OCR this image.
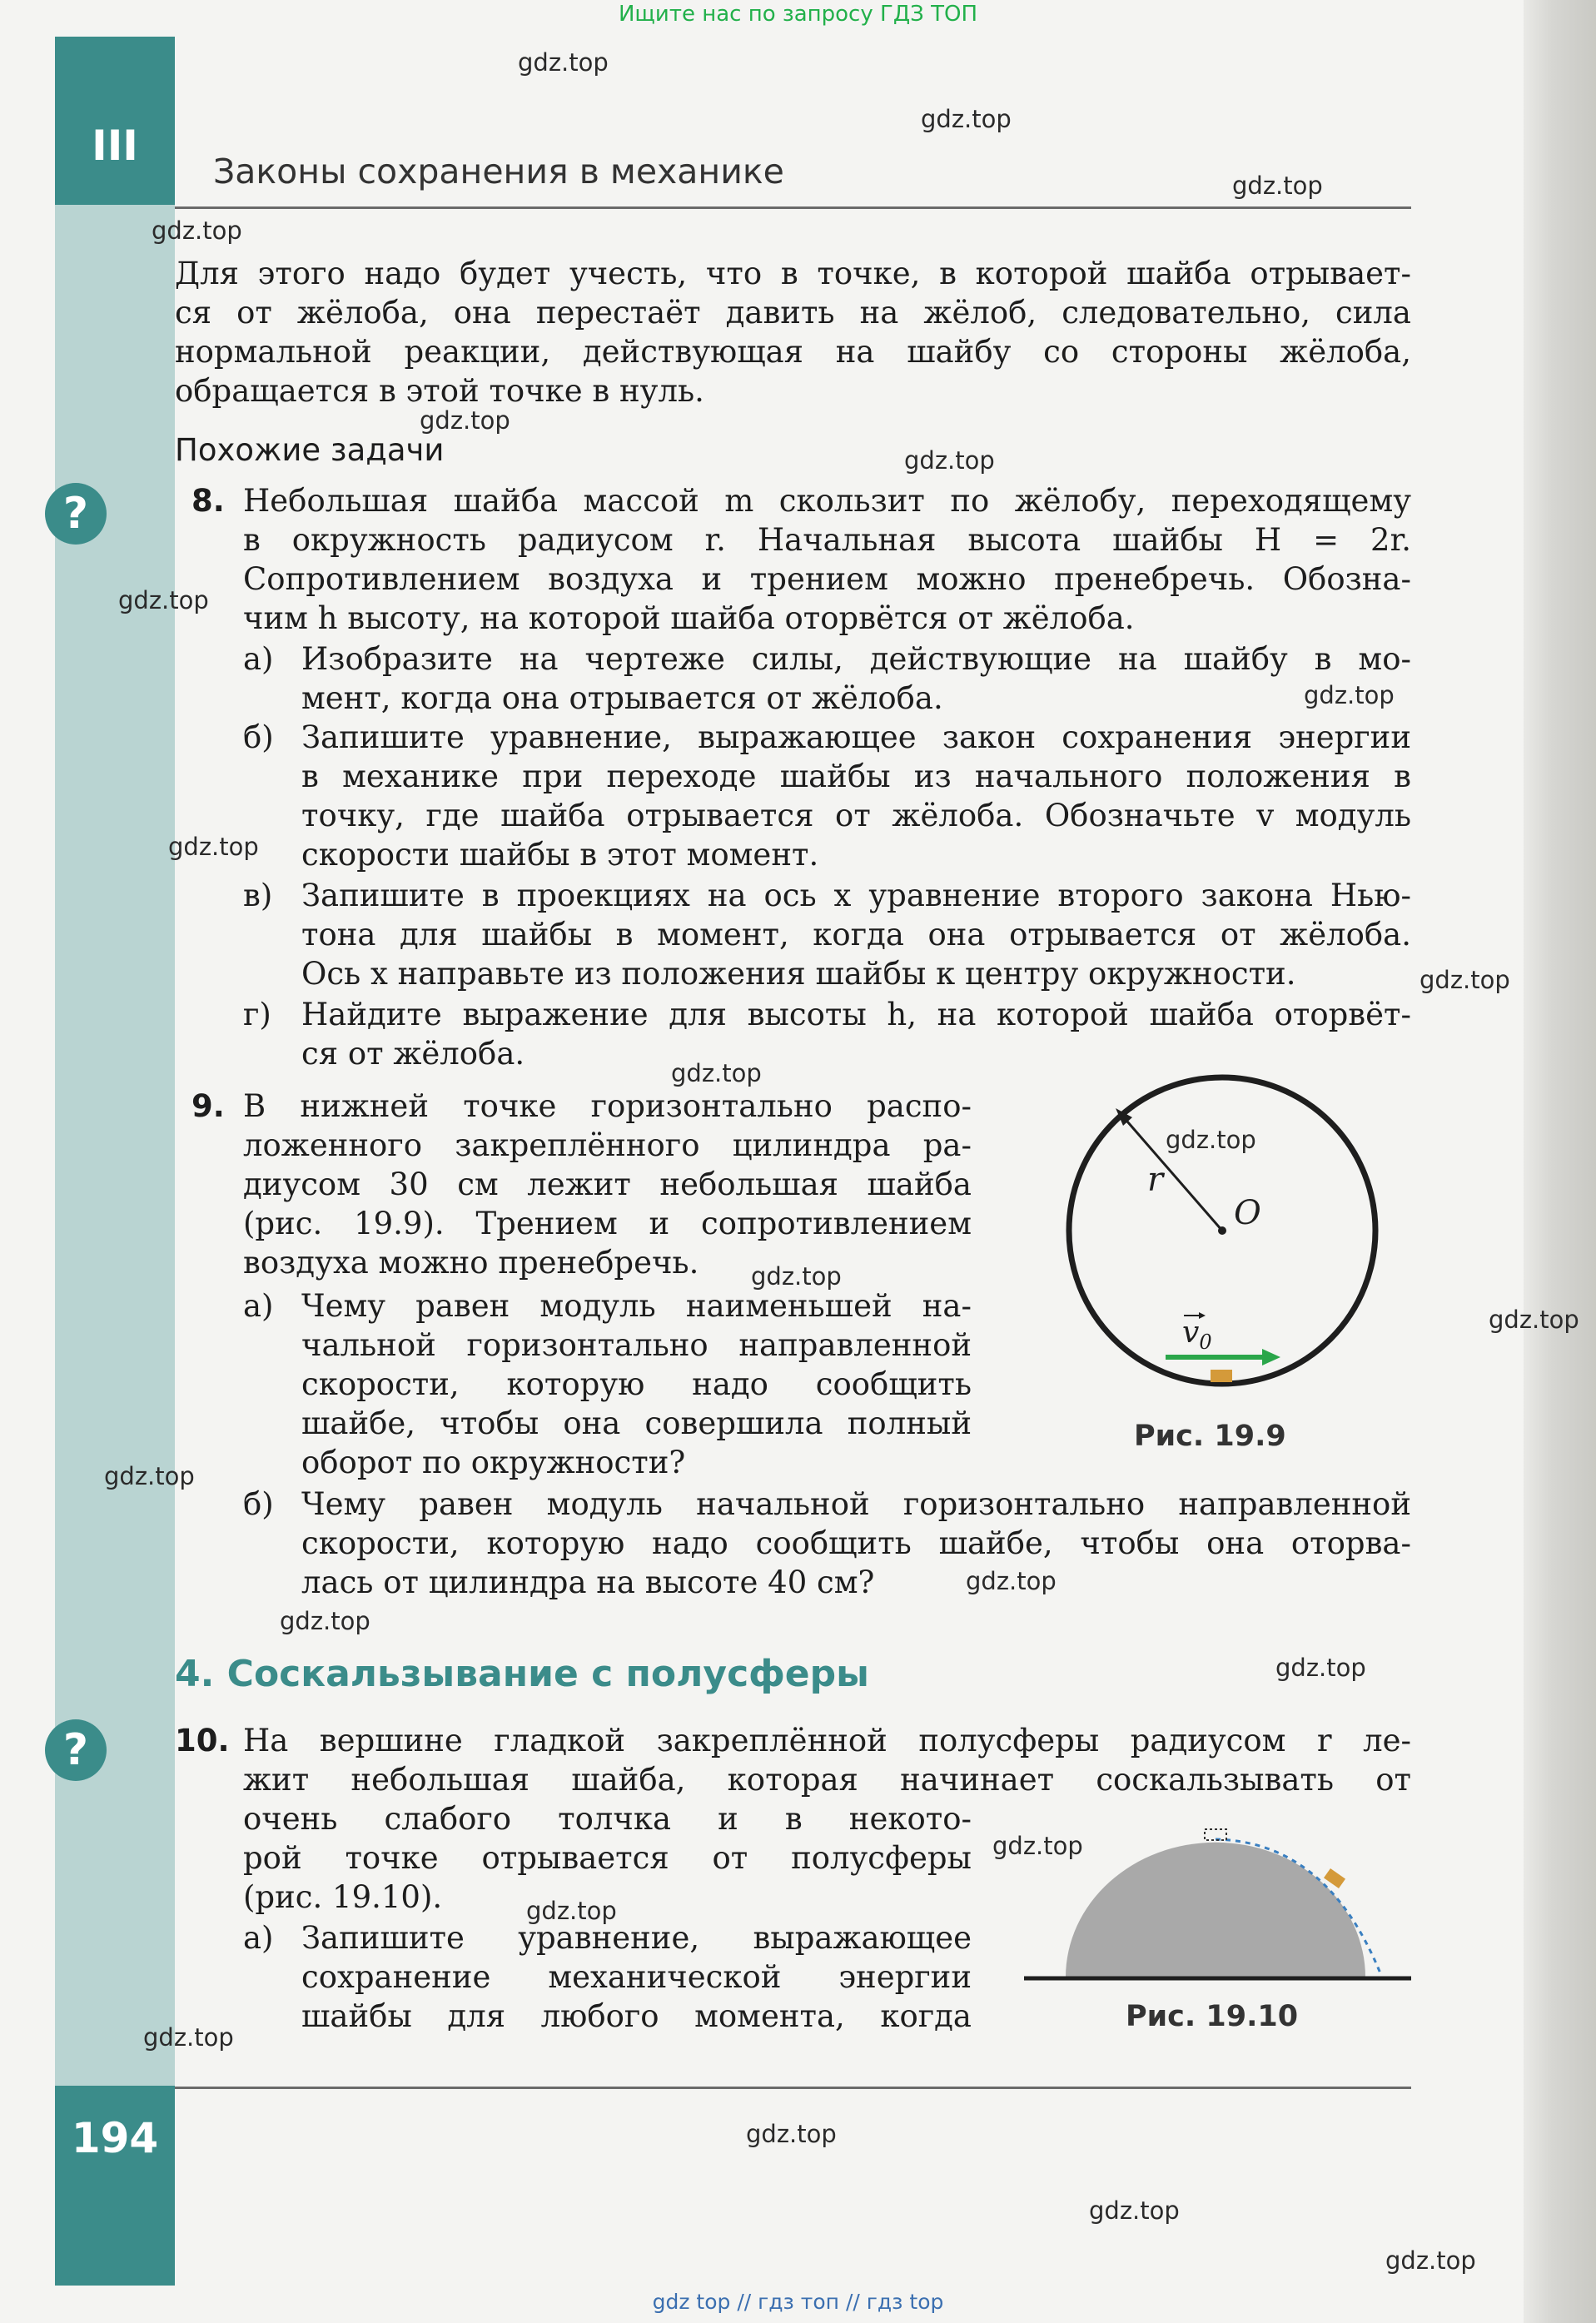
Ищите нас по запросу ГДЗ ТОП
III
Законы сохранения в механике
Для этого надо будет учесть, что в точке, в которой шайба отрывает-
ся от жёлоба, она перестаёт давить на жёлоб, следовательно, сила
нормальной реакции, действующая на шайбу со стороны жёлоба,
обращается в этой точке в нуль.
Похожие задачи
?	8. Небольшая шайба массой m скользит по жёлобу, переходящему
в окружность радиусом r. Начальная высота шайбы H = 2r.
Сопротивлением воздуха и трением можно пренебречь. Обозна-
чим h высоту, на которой шайба оторвётся от жёлоба.
а) Изобразите на чертеже силы, действующие на шайбу в мо-
мент, когда она отрывается от жёлоба.
б) Запишите уравнение, выражающее закон сохранения энергии
в механике при переходе шайбы из начального положения в
точку, где шайба отрывается от жёлоба. Обозначьте v модуль
скорости шайбы в этот момент.
в) Запишите в проекциях на ось x уравнение второго закона Нью-
тона для шайбы в момент, когда она отрывается от жёлоба.
Ось x направьте из положения шайбы к центру окружности.
г) Найдите выражение для высоты h, на которой шайба оторвёт-
ся от жёлоба.
9. В нижней точке горизонтально распо-
ложенного закреплённого цилиндра ра-
диусом 30 см лежит небольшая шайба
(рис. 19.9). Трением и сопротивлением
воздуха можно пренебречь.
а) Чему равен модуль наименьшей на-
чальной горизонтально направленной
скорости, которую надо сообщить
шайбе, чтобы она совершила полный
оборот по окружности?
б) Чему равен модуль начальной горизонтально направленной
скорости, которую надо сообщить шайбе, чтобы она оторва-
лась от цилиндра на высоте 40 см?
r
O
$v_0$
Рис. 19.9
4. Соскальзывание с полусферы
?	10. На вершине гладкой закреплённой полусферы радиусом r ле-
жит небольшая шайба, которая начинает соскальзывать от
очень слабого толчка и в некото-
рой точке отрывается от полусферы
(рис. 19.10).
а) Запишите уравнение, выражающее
сохранение механической энергии
шайбы для любого момента, когда	Рис. 19.10
194
gdz.top
gdz.top
gdz.top
gdz.top
gdz.top
gdz.top
gdz.top
gdz.top
gdz.top
gdz.top
gdz.top
gdz.top
gdz.top
gdz.top
gdz.top
gdz.top
gdz.top
gdz.top
gdz.top
gdz.top
gdz.top
gdz.top
gdz.top
gdz.top
gdz top // гдз топ // гдз top
